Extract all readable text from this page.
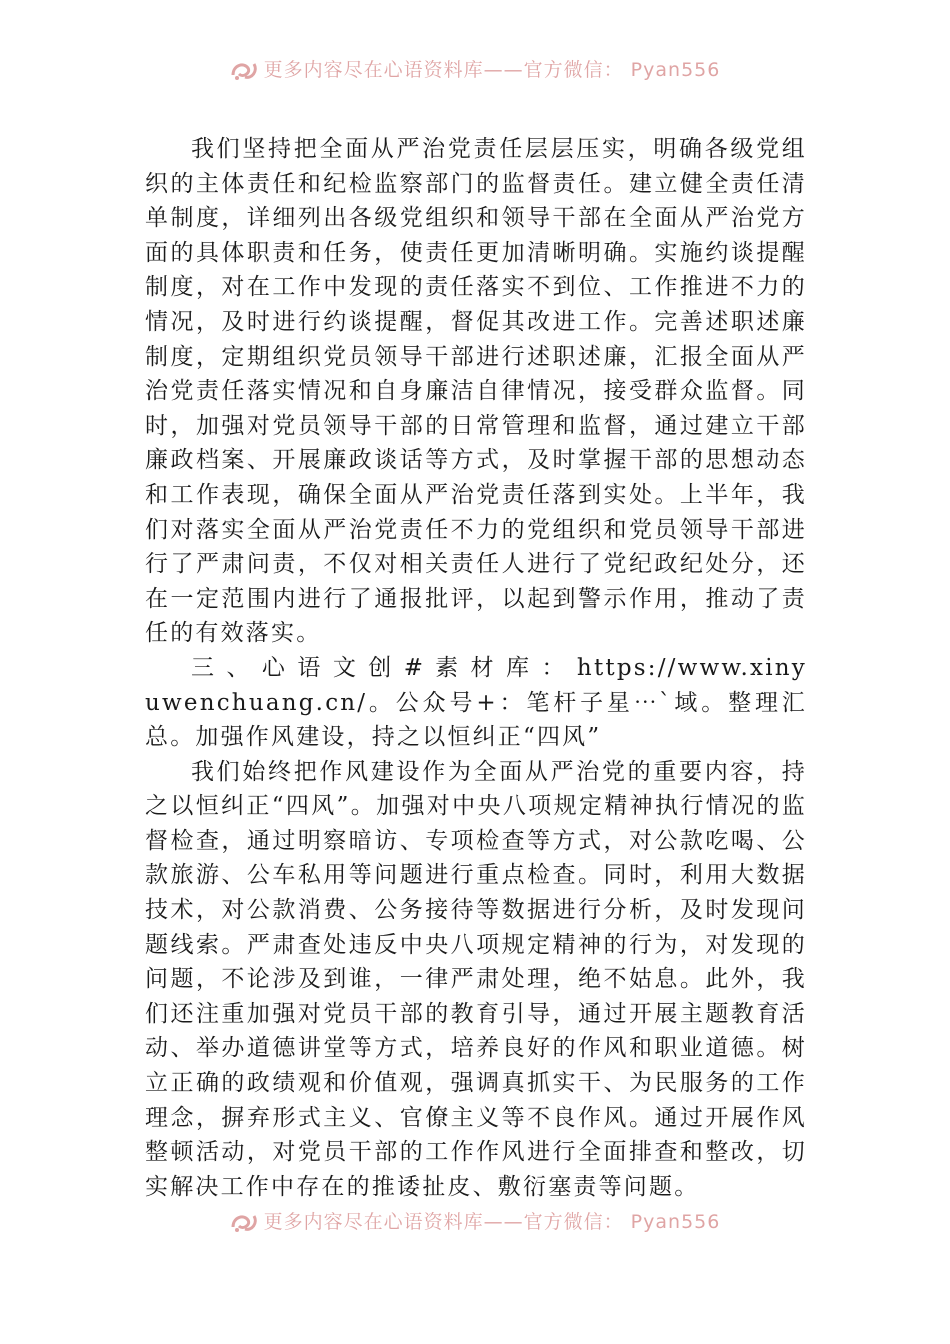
更多内容尽在心语资料库——官方微信： Pyan556

我们坚持把全面从严治党责任层层压实，明确各级党组织的主体责任和纪检监察部门的监督责任。建立健全责任清单制度，详细列出各级党组织和领导干部在全面从严治党方面的具体职责和任务，使责任更加清晰明确。实施约谈提醒制度，对在工作中发现的责任落实不到位、工作推进不力的情况，及时进行约谈提醒，督促其改进工作。完善述职述廉制度，定期组织党员领导干部进行述职述廉，汇报全面从严治党责任落实情况和自身廉洁自律情况，接受群众监督。同时，加强对党员领导干部的日常管理和监督，通过建立干部廉政档案、开展廉政谈话等方式，及时掌握干部的思想动态和工作表现，确保全面从严治党责任落到实处。上半年，我们对落实全面从严治党责任不力的党组织和党员领导干部进行了严肃问责，不仅对相关责任人进行了党纪政纪处分，还在一定范围内进行了通报批评，以起到警示作用，推动了责任的有效落实。

三 、 心 语 文 创 # 素 材 库 ： https://www.xinyuwenchuang.cn/。公众号+：笔杆子星⋯`域。整理汇总。加强作风建设，持之以恒纠正“四风”

我们始终把作风建设作为全面从严治党的重要内容，持之以恒纠正“四风”。加强对中央八项规定精神执行情况的监督检查，通过明察暗访、专项检查等方式，对公款吃喝、公款旅游、公车私用等问题进行重点检查。同时，利用大数据技术，对公款消费、公务接待等数据进行分析，及时发现问题线索。严肃查处违反中央八项规定精神的行为，对发现的问题，不论涉及到谁，一律严肃处理，绝不姑息。此外，我们还注重加强对党员干部的教育引导，通过开展主题教育活动、举办道德讲堂等方式，培养良好的作风和职业道德。树立正确的政绩观和价值观，强调真抓实干、为民服务的工作理念，摒弃形式主义、官僚主义等不良作风。通过开展作风整顿活动，对党员干部的工作作风进行全面排查和整改，切实解决工作中存在的推诿扯皮、敷衍塞责等问题。

更多内容尽在心语资料库——官方微信： Pyan556
